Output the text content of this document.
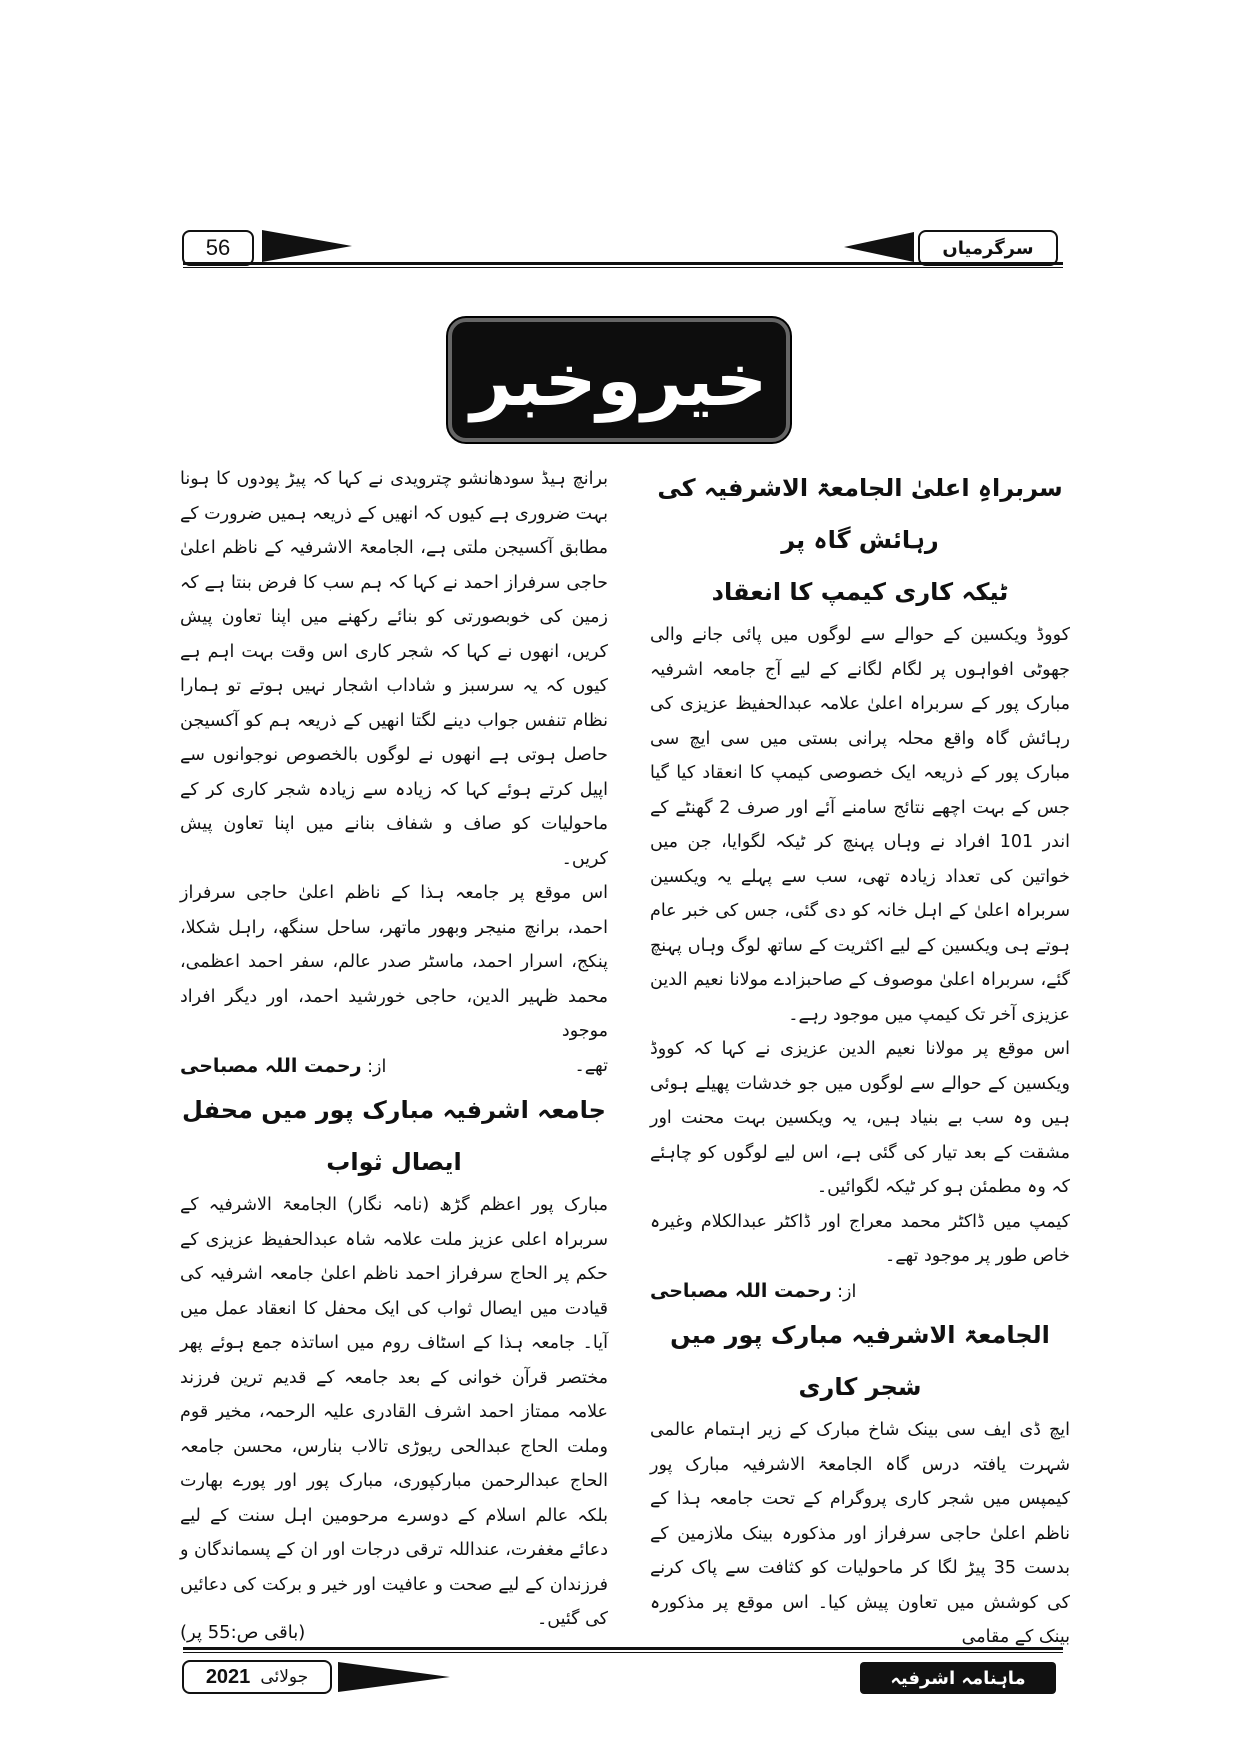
56	سرگرمیاں
خیروخبر

سربراہِ اعلیٰ الجامعۃ الاشرفیہ کی رہائش گاہ پر

ٹیکہ کاری کیمپ کا انعقاد

کووڈ ویکسین کے حوالے سے لوگوں میں پائی جانے والی جھوٹی افواہوں پر لگام لگانے کے لیے آج جامعہ اشرفیہ مبارک پور کے سربراہ اعلیٰ علامہ عبدالحفیظ عزیزی کی رہائش گاہ واقع محلہ پرانی بستی میں سی ایچ سی مبارک پور کے ذریعہ ایک خصوصی کیمپ کا انعقاد کیا گیا جس کے بہت اچھے نتائج سامنے آئے اور صرف 2 گھنٹے کے اندر 101 افراد نے وہاں پہنچ کر ٹیکہ لگوایا، جن میں خواتین کی تعداد زیادہ تھی، سب سے پہلے یہ ویکسین سربراہ اعلیٰ کے اہل خانہ کو دی گئی، جس کی خبر عام ہوتے ہی ویکسین کے لیے اکثریت کے ساتھ لوگ وہاں پہنچ گئے، سربراہ اعلیٰ موصوف کے صاحبزادے مولانا نعیم الدین عزیزی آخر تک کیمپ میں موجود رہے۔

اس موقع پر مولانا نعیم الدین عزیزی نے کہا کہ کووڈ ویکسین کے حوالے سے لوگوں میں جو خدشات پھیلے ہوئی ہیں وہ سب بے بنیاد ہیں، یہ ویکسین بہت محنت اور مشقت کے بعد تیار کی گئی ہے، اس لیے لوگوں کو چاہئے کہ وہ مطمئن ہو کر ٹیکہ لگوائیں۔

کیمپ میں ڈاکٹر محمد معراج اور ڈاکٹر عبدالکلام وغیرہ خاص طور پر موجود تھے۔

از: رحمت اللہ مصباحی

الجامعۃ الاشرفیہ مبارک پور میں شجر کاری

ایچ ڈی ایف سی بینک شاخ مبارک کے زیر اہتمام عالمی شہرت یافتہ درس گاہ الجامعۃ الاشرفیہ مبارک پور کیمپس میں شجر کاری پروگرام کے تحت جامعہ ہذا کے ناظم اعلیٰ حاجی سرفراز اور مذکورہ بینک ملازمین کے بدست 35 پیڑ لگا کر ماحولیات کو کثافت سے پاک کرنے کی کوشش میں تعاون پیش کیا۔ اس موقع پر مذکورہ بینک کے مقامی

برانچ ہیڈ سودھانشو چترویدی نے کہا کہ پیڑ پودوں کا ہونا بہت ضروری ہے کیوں کہ انھیں کے ذریعہ ہمیں ضرورت کے مطابق آکسیجن ملتی ہے، الجامعۃ الاشرفیہ کے ناظم اعلیٰ حاجی سرفراز احمد نے کہا کہ ہم سب کا فرض بنتا ہے کہ زمین کی خوبصورتی کو بنائے رکھنے میں اپنا تعاون پیش کریں، انھوں نے کہا کہ شجر کاری اس وقت بہت اہم ہے کیوں کہ یہ سرسبز و شاداب اشجار نہیں ہوتے تو ہمارا نظام تنفس جواب دینے لگتا انھیں کے ذریعہ ہم کو آکسیجن حاصل ہوتی ہے انھوں نے لوگوں بالخصوص نوجوانوں سے اپیل کرتے ہوئے کہا کہ زیادہ سے زیادہ شجر کاری کر کے ماحولیات کو صاف و شفاف بنانے میں اپنا تعاون پیش کریں۔

اس موقع پر جامعہ ہذا کے ناظم اعلیٰ حاجی سرفراز احمد، برانچ منیجر وبھور ماتھر، ساحل سنگھ، راہل شکلا، پنکج، اسرار احمد، ماسٹر صدر عالم، سفر احمد اعظمی، محمد ظہیر الدین، حاجی خورشید احمد، اور دیگر افراد موجود

تھے۔
از: رحمت اللہ مصباحی

جامعہ اشرفیہ مبارک پور میں محفل ایصال ثواب

مبارک پور اعظم گڑھ (نامہ نگار) الجامعۃ الاشرفیہ کے سربراہ اعلی عزیز ملت علامہ شاہ عبدالحفیظ عزیزی کے حکم پر الحاج سرفراز احمد ناظم اعلیٰ جامعہ اشرفیہ کی قیادت میں ایصال ثواب کی ایک محفل کا انعقاد عمل میں آیا۔ جامعہ ہذا کے اسٹاف روم میں اساتذہ جمع ہوئے پھر مختصر قرآن خوانی کے بعد جامعہ کے قدیم ترین فرزند علامہ ممتاز احمد اشرف القادری علیہ الرحمہ، مخیر قوم وملت الحاج عبدالحی ریوڑی تالاب بنارس، محسن جامعہ الحاج عبدالرحمن مبارکپوری، مبارک پور اور پورے بھارت بلکہ عالم اسلام کے دوسرے مرحومین اہل سنت کے لیے دعائے مغفرت، عنداللہ ترقی درجات اور ان کے پسماندگان و فرزندان کے لیے صحت و عافیت اور خیر و برکت کی دعائیں کی گئیں۔

(باقی ص:55 پر)
جولائی
2021	ماہنامہ اشرفیہ
